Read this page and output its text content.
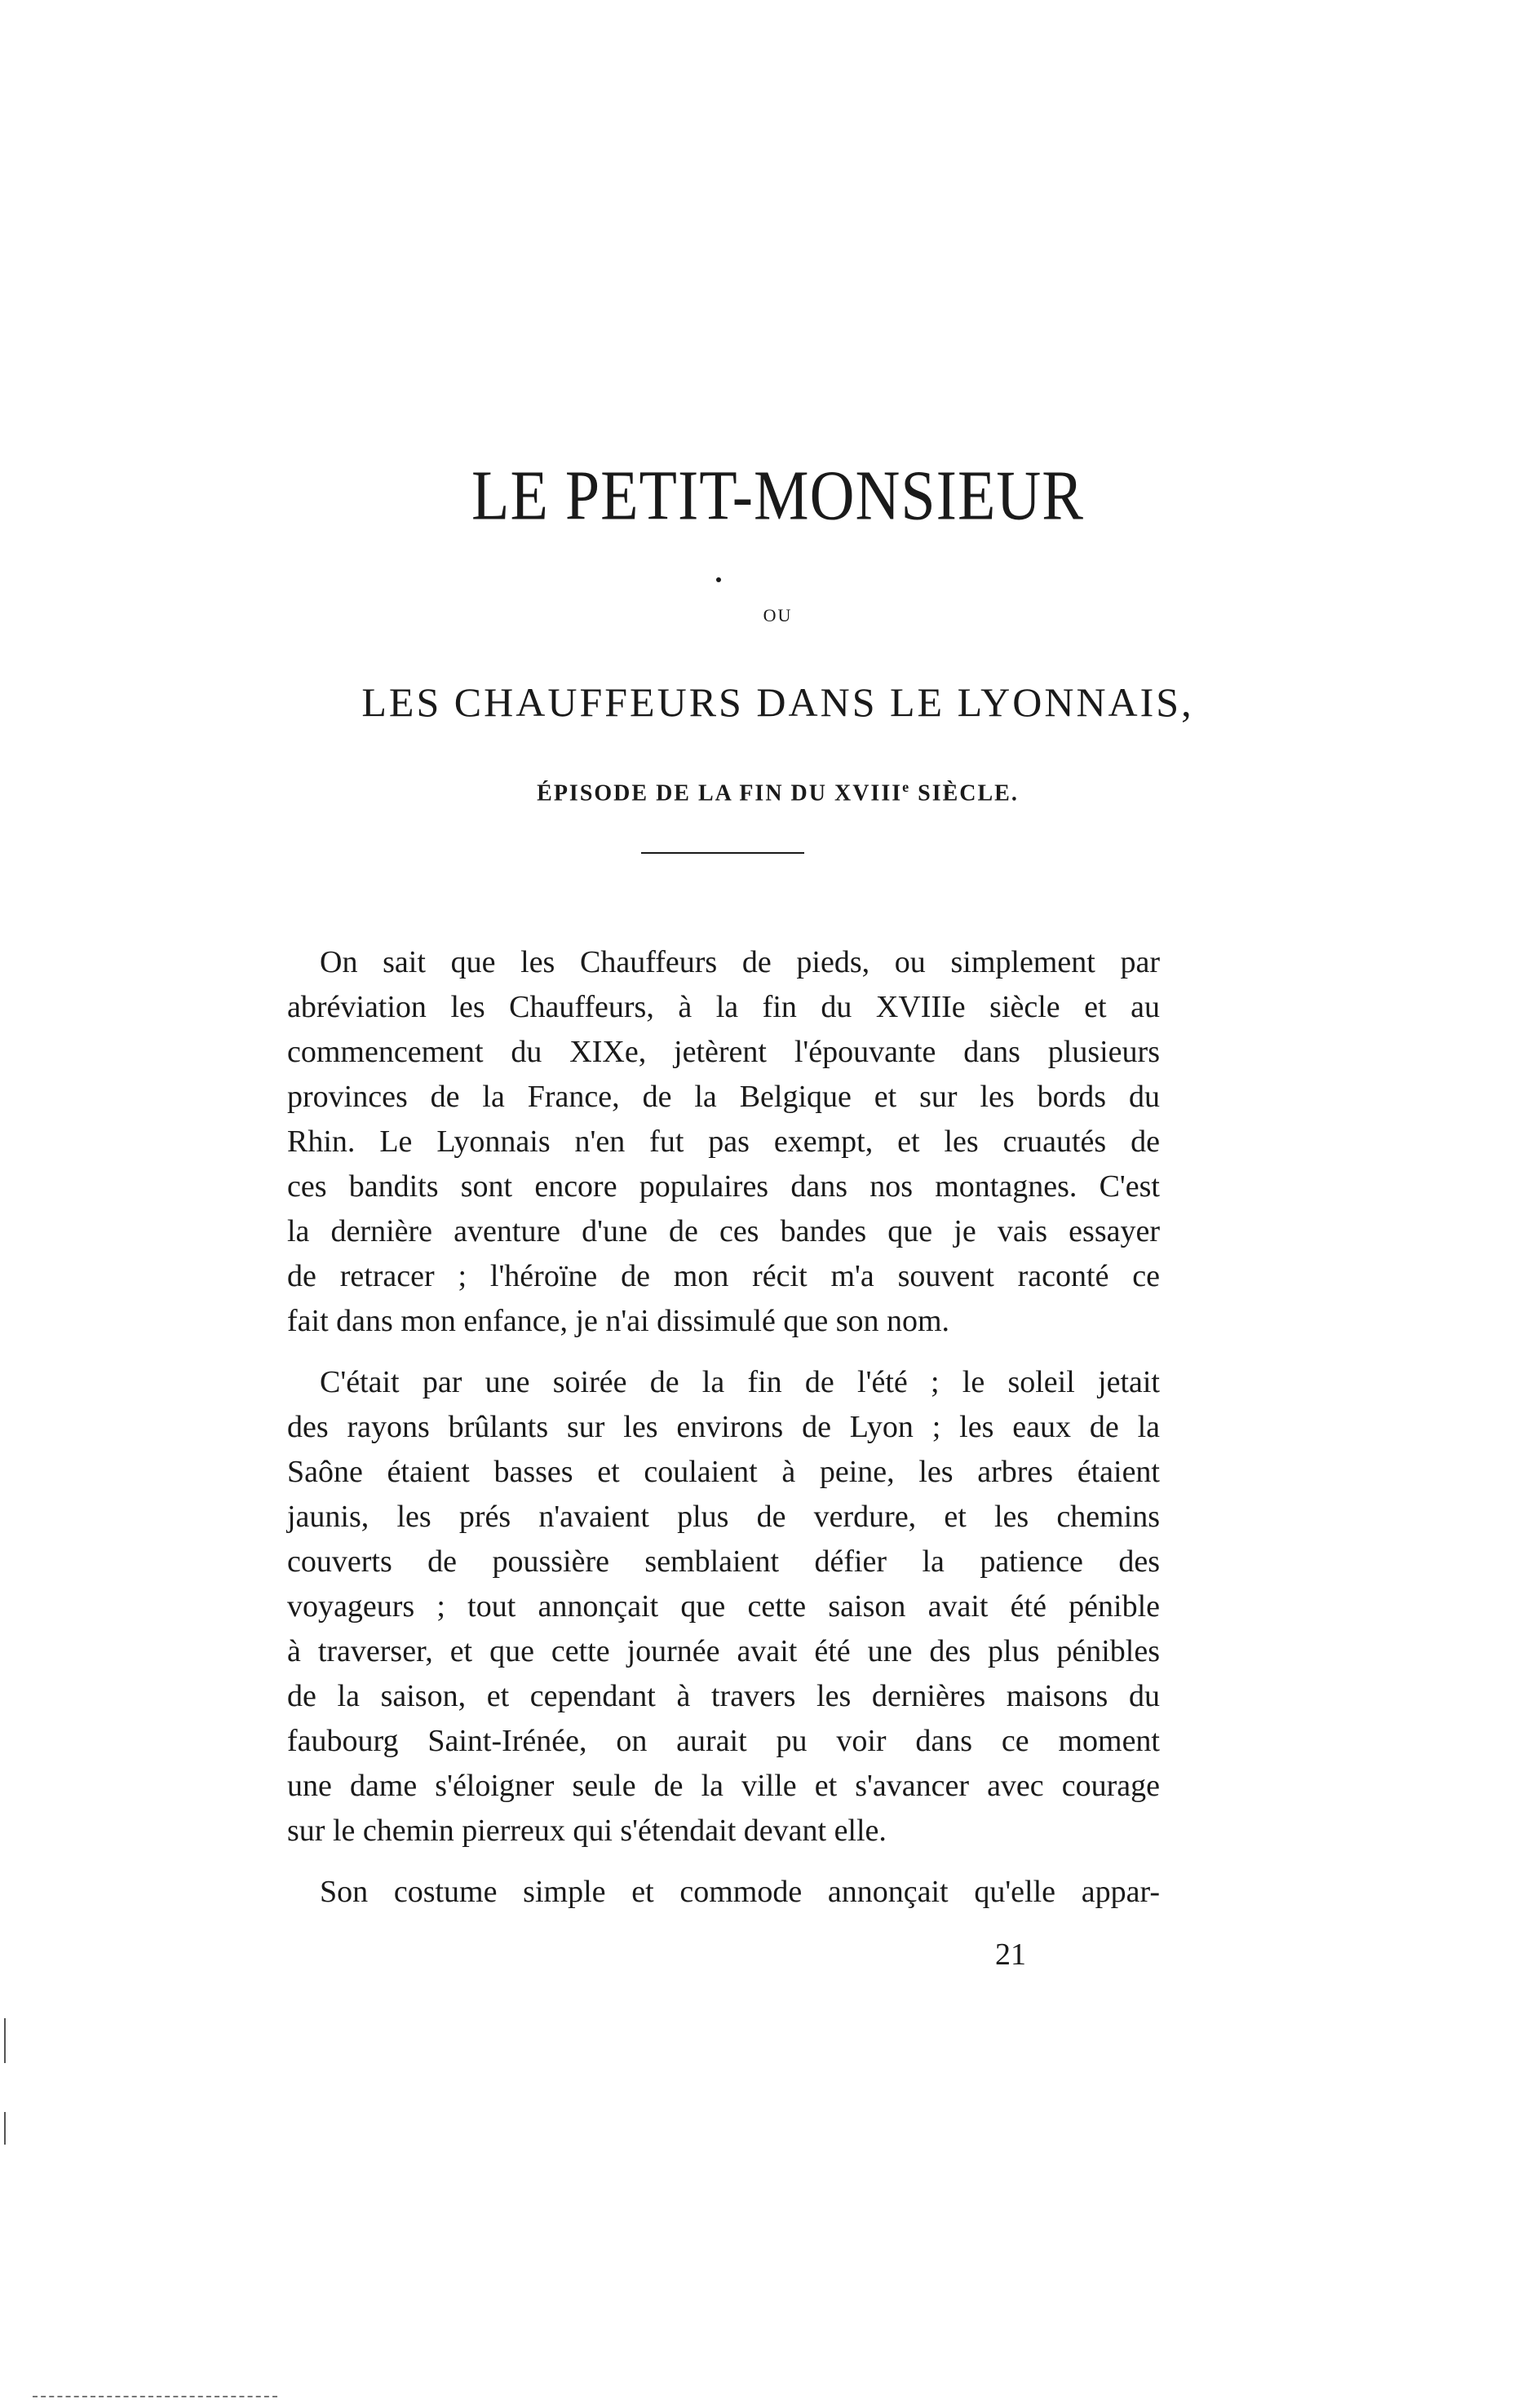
LE PETIT-MONSIEUR
OU
LES CHAUFFEURS DANS LE LYONNAIS,
ÉPISODE DE LA FIN DU XVIIIe SIÈCLE.
On sait que les Chauffeurs de pieds, ou simplement par
abréviation les Chauffeurs, à la fin du XVIIIe siècle et au
commencement du XIXe, jetèrent l'épouvante dans plusieurs
provinces de la France, de la Belgique et sur les bords du
Rhin. Le Lyonnais n'en fut pas exempt, et les cruautés de
ces bandits sont encore populaires dans nos montagnes. C'est
la dernière aventure d'une de ces bandes que je vais essayer
de retracer ; l'héroïne de mon récit m'a souvent raconté ce
fait dans mon enfance, je n'ai dissimulé que son nom.
C'était par une soirée de la fin de l'été ; le soleil jetait
des rayons brûlants sur les environs de Lyon ; les eaux de la
Saône étaient basses et coulaient à peine, les arbres étaient
jaunis, les prés n'avaient plus de verdure, et les chemins
couverts de poussière semblaient défier la patience des
voyageurs ; tout annonçait que cette saison avait été pénible
à traverser, et que cette journée avait été une des plus pénibles
de la saison, et cependant à travers les dernières maisons du
faubourg Saint-Irénée, on aurait pu voir dans ce moment
une dame s'éloigner seule de la ville et s'avancer avec courage
sur le chemin pierreux qui s'étendait devant elle.
Son costume simple et commode annonçait qu'elle appar-
21
